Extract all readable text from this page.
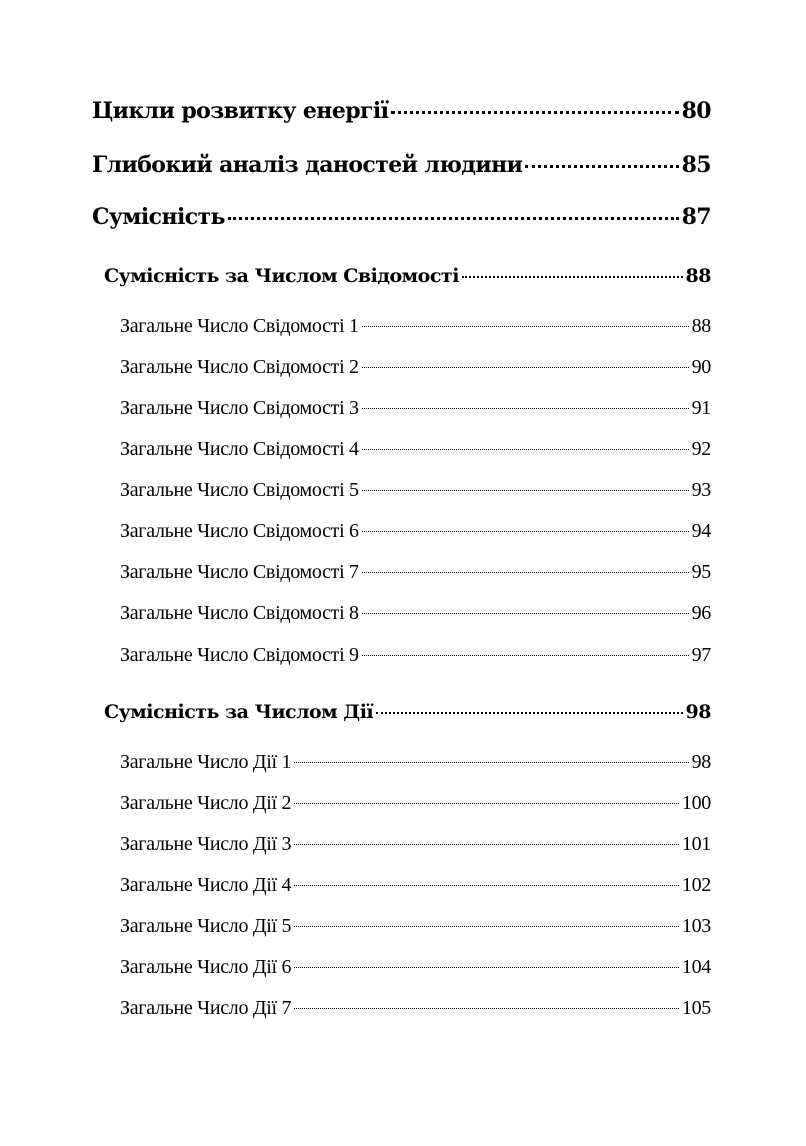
Цикли розвитку енергії	80
Глибокий аналіз даностей людини	85
Сумісність	87
Сумісність за Числом Свідомості	88
Загальне Число Свідомості 1	88
Загальне Число Свідомості 2	90
Загальне Число Свідомості 3	91
Загальне Число Свідомості 4	92
Загальне Число Свідомості 5	93
Загальне Число Свідомості 6	94
Загальне Число Свідомості 7	95
Загальне Число Свідомості 8	96
Загальне Число Свідомості 9	97
Сумісність за Числом Дії	98
Загальне Число Дії 1	98
Загальне Число Дії 2	100
Загальне Число Дії 3	101
Загальне Число Дії 4	102
Загальне Число Дії 5	103
Загальне Число Дії 6	104
Загальне Число Дії 7	105
